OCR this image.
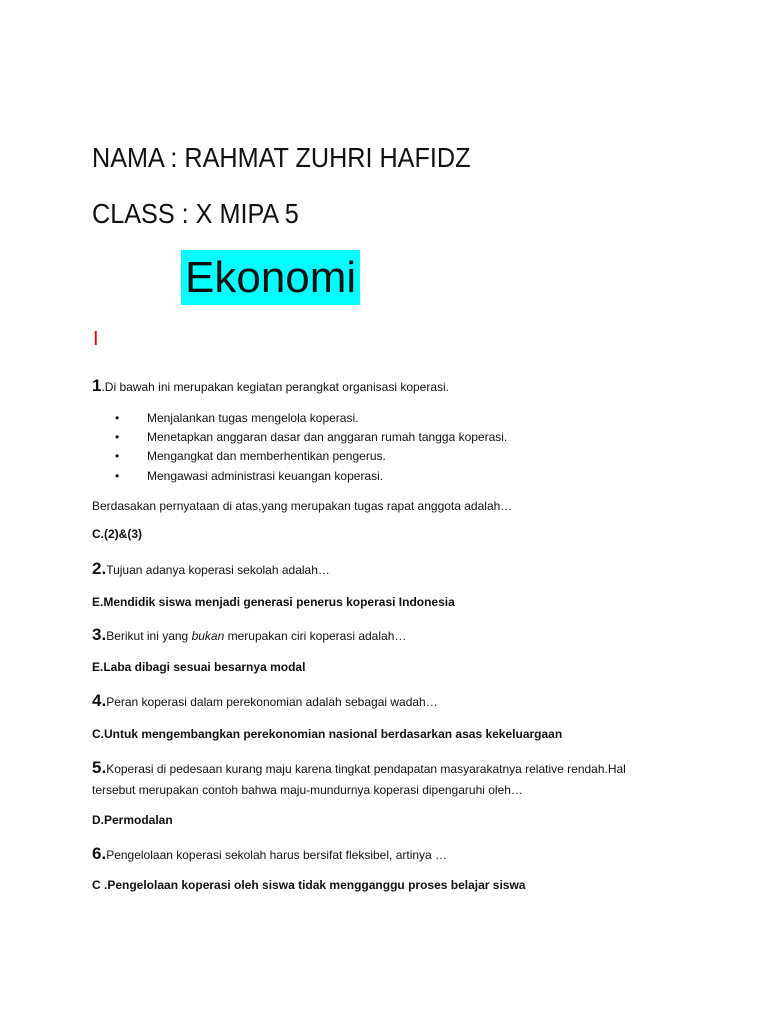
NAMA : RAHMAT ZUHRI HAFIDZ
CLASS : X MIPA 5
Ekonomi
I
1.Di bawah ini merupakan kegiatan perangkat organisasi koperasi.
• Menjalankan tugas mengelola koperasi.
• Menetapkan anggaran dasar dan anggaran rumah tangga koperasi.
• Mengangkat dan memberhentikan pengerus.
• Mengawasi administrasi keuangan koperasi.
Berdasakan pernyataan di atas,yang merupakan tugas rapat anggota adalah…
C.(2)&(3)
2.Tujuan adanya koperasi sekolah adalah…
E.Mendidik siswa menjadi generasi penerus koperasi Indonesia
3.Berikut ini yang bukan merupakan ciri koperasi adalah…
E.Laba dibagi sesuai besarnya modal
4.Peran koperasi dalam perekonomian adalah sebagai wadah…
C.Untuk mengembangkan perekonomian nasional berdasarkan asas kekeluargaan
5.Koperasi di pedesaan kurang maju karena tingkat pendapatan masyarakatnya relative rendah.Hal
tersebut merupakan contoh bahwa maju-mundurnya koperasi dipengaruhi oleh…
D.Permodalan
6.Pengelolaan koperasi sekolah harus bersifat fleksibel, artinya …
C .Pengelolaan koperasi oleh siswa tidak mengganggu proses belajar siswa
